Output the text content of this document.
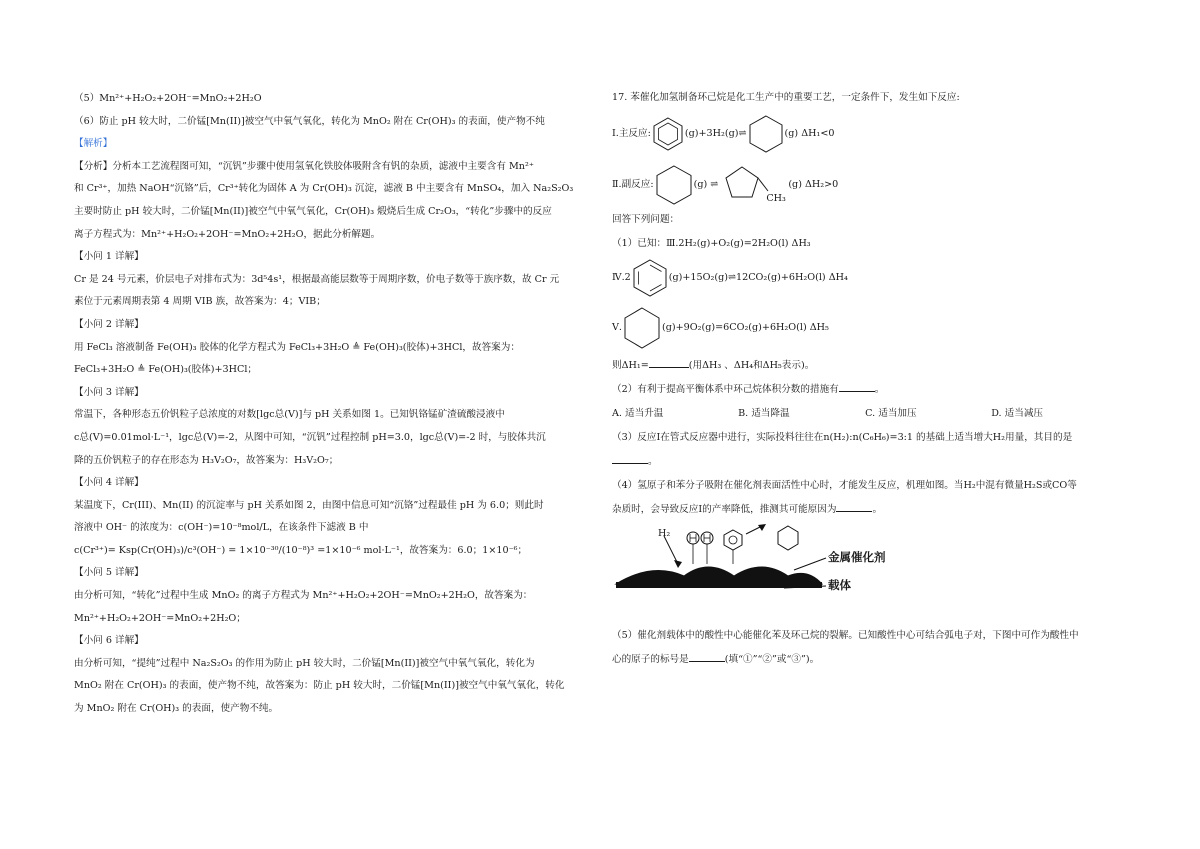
（5）Mn²⁺+H₂O₂+2OH⁻=MnO₂+2H₂O
（6）防止 pH 较大时，二价锰[Mn(II)]被空气中氧气氧化，转化为 MnO₂ 附在 Cr(OH)₃ 的表面，使产物不纯
【解析】
【分析】分析本工艺流程图可知，“沉钒”步骤中使用氢氧化铁胶体吸附含有钒的杂质，滤液中主要含有 Mn²⁺
和 Cr³⁺，加热 NaOH“沉铬”后，Cr³⁺转化为固体 A 为 Cr(OH)₃ 沉淀，滤液 B 中主要含有 MnSO₄，加入 Na₂S₂O₃
主要时防止 pH 较大时，二价锰[Mn(II)]被空气中氧气氧化，Cr(OH)₃ 煅烧后生成 Cr₂O₃，“转化”步骤中的反应
离子方程式为：Mn²⁺+H₂O₂+2OH⁻=MnO₂+2H₂O，据此分析解题。
【小问 1 详解】
Cr 是 24 号元素，价层电子对排布式为：3d⁵4s¹，根据最高能层数等于周期序数，价电子数等于族序数，故 Cr 元
素位于元素周期表第 4 周期 VIB 族，故答案为：4；VIB；
【小问 2 详解】
用 FeCl₃ 溶液制备 Fe(OH)₃ 胶体的化学方程式为 FeCl₃+3H₂O ≜ Fe(OH)₃(胶体)+3HCl，故答案为：
FeCl₃+3H₂O ≜ Fe(OH)₃(胶体)+3HCl；
【小问 3 详解】
常温下，各种形态五价钒粒子总浓度的对数[lgc总(V)]与 pH 关系如图 1。已知钒铬锰矿渣硫酸浸液中
c总(V)=0.01mol·L⁻¹，lgc总(V)=-2，从图中可知，“沉钒”过程控制 pH=3.0，lgc总(V)=-2 时，与胶体共沉
降的五价钒粒子的存在形态为 H₃V₂O₇，故答案为：H₃V₂O₇；
【小问 4 详解】
某温度下，Cr(III)、Mn(II) 的沉淀率与 pH 关系如图 2，由图中信息可知“沉铬”过程最佳 pH 为 6.0；则此时
溶液中 OH⁻ 的浓度为：c(OH⁻)=10⁻⁸mol/L，在该条件下滤液 B 中
c(Cr³⁺)= Ksp(Cr(OH)₃)/c³(OH⁻) = 1×10⁻³⁰/(10⁻⁸)³ =1×10⁻⁶ mol·L⁻¹，故答案为：6.0；1×10⁻⁶；
【小问 5 详解】
由分析可知，“转化”过程中生成 MnO₂ 的离子方程式为 Mn²⁺+H₂O₂+2OH⁻=MnO₂+2H₂O，故答案为：
Mn²⁺+H₂O₂+2OH⁻=MnO₂+2H₂O；
【小问 6 详解】
由分析可知，“提纯”过程中 Na₂S₂O₃ 的作用为防止 pH 较大时，二价锰[Mn(II)]被空气中氧气氧化，转化为
MnO₂ 附在 Cr(OH)₃ 的表面，使产物不纯，故答案为：防止 pH 较大时，二价锰[Mn(II)]被空气中氧气氧化，转化
为 MnO₂ 附在 Cr(OH)₃ 的表面，使产物不纯。
17. 苯催化加氢制备环己烷是化工生产中的重要工艺，一定条件下，发生如下反应:
Ⅰ.主反应:	(g)+3H₂(g)⇌	(g) ΔH₁<0
Ⅱ.副反应:	(g) ⇌
CH₃
(g) ΔH₂>0
回答下列问题：
（1）已知：Ⅲ.2H₂(g)+O₂(g)=2H₂O(l) ΔH₃
Ⅳ.2	(g)+15O₂(g)⇌12CO₂(g)+6H₂O(l) ΔH₄
Ⅴ.	(g)+9O₂(g)=6CO₂(g)+6H₂O(l) ΔH₅
则ΔH₁=	(用ΔH₃ 、ΔH₄和ΔH₅表示)。
（2）有利于提高平衡体系中环己烷体积分数的措施有	。
A. 适当升温	B. 适当降温	C. 适当加压	D. 适当减压
（3）反应Ⅰ在管式反应器中进行，实际投料往往在n(H₂):n(C₆H₆)=3:1 的基础上适当增大H₂用量，其目的是
。
（4）氢原子和苯分子吸附在催化剂表面活性中心时，才能发生反应，机理如图。当H₂中混有微量H₂S或CO等
杂质时，会导致反应Ⅰ的产率降低，推测其可能原因为	。
H₂
金属催化剂
载体
（5）催化剂载体中的酸性中心能催化苯及环己烷的裂解。已知酸性中心可结合弧电子对，下图中可作为酸性中
心的原子的标号是	(填“①”“②”或“③”)。
